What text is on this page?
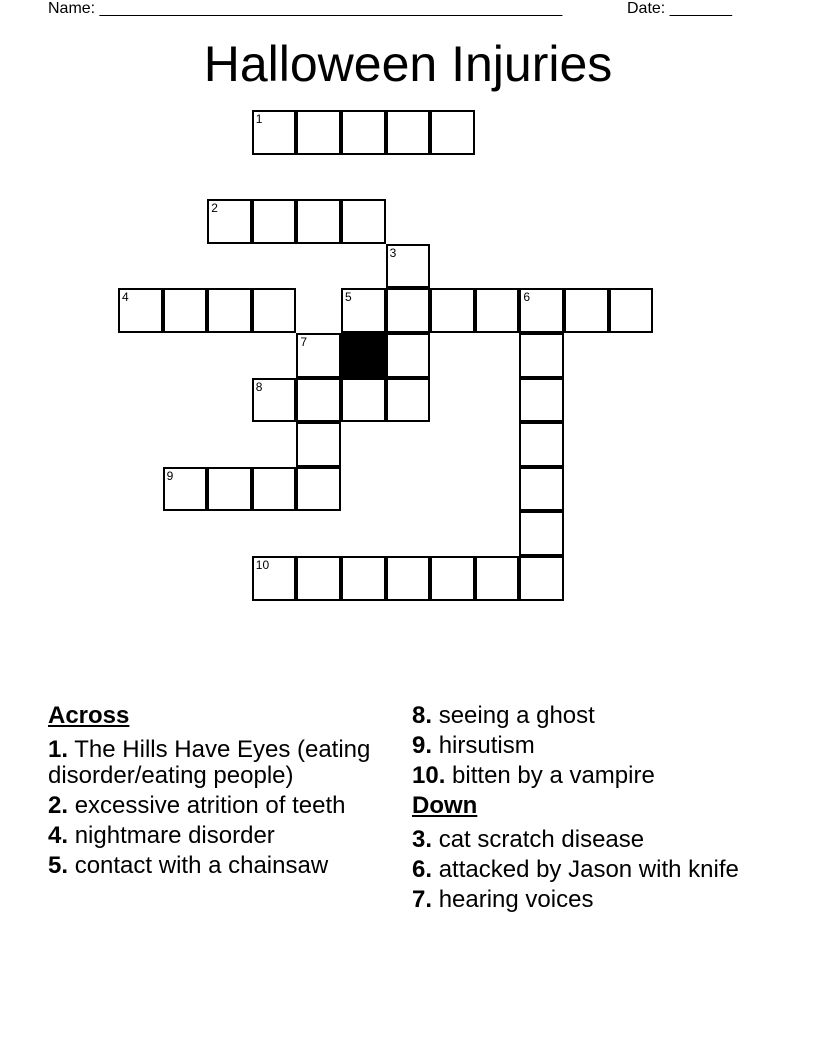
Name: ____________________________________________________	Date: _______
Halloween Injuries
1
2
3
4	5	6
7
8
9
10
Across
1. The Hills Have Eyes (eating disorder/eating people)
2. excessive atrition of teeth
4. nightmare disorder
5. contact with a chainsaw
8. seeing a ghost
9. hirsutism
10. bitten by a vampire
Down
3. cat scratch disease
6. attacked by Jason with knife
7. hearing voices
